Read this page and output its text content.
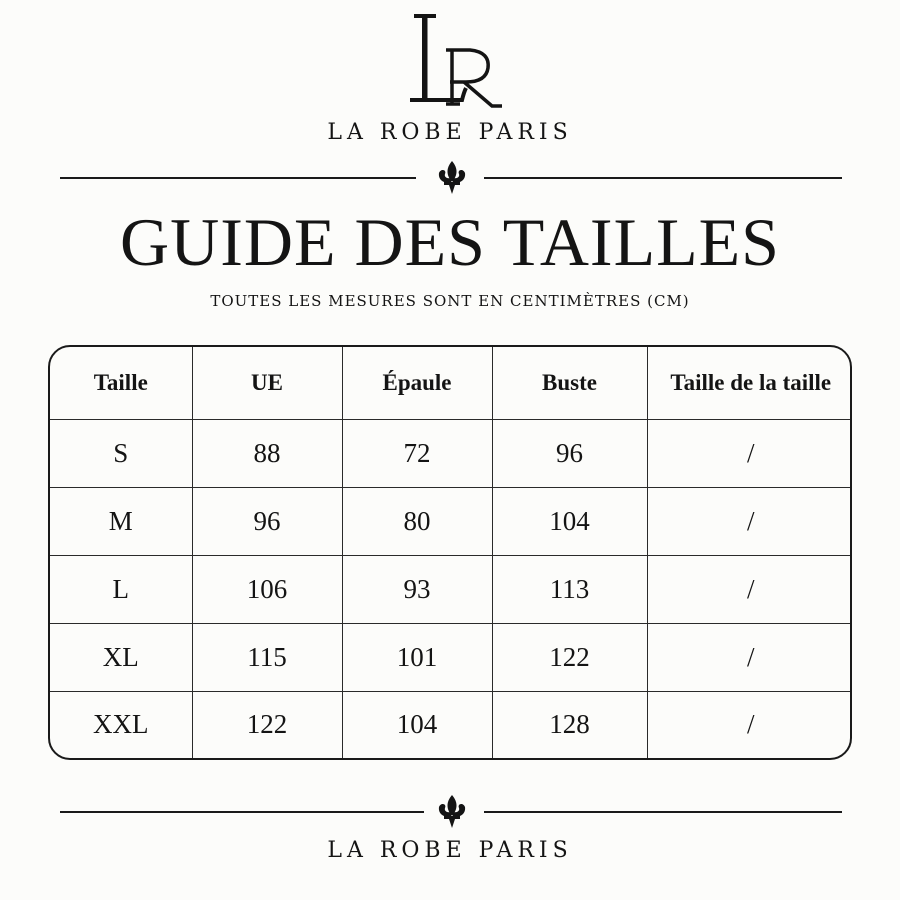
LA ROBE PARIS
GUIDE DES TAILLES
TOUTES LES MESURES SONT EN CENTIMÈTRES (CM)
Taille	UE	Épaule	Buste	Taille de la taille
S	88	72	96	/
M	96	80	104	/
L	106	93	113	/
XL	115	101	122	/
XXL	122	104	128	/
LA ROBE PARIS
